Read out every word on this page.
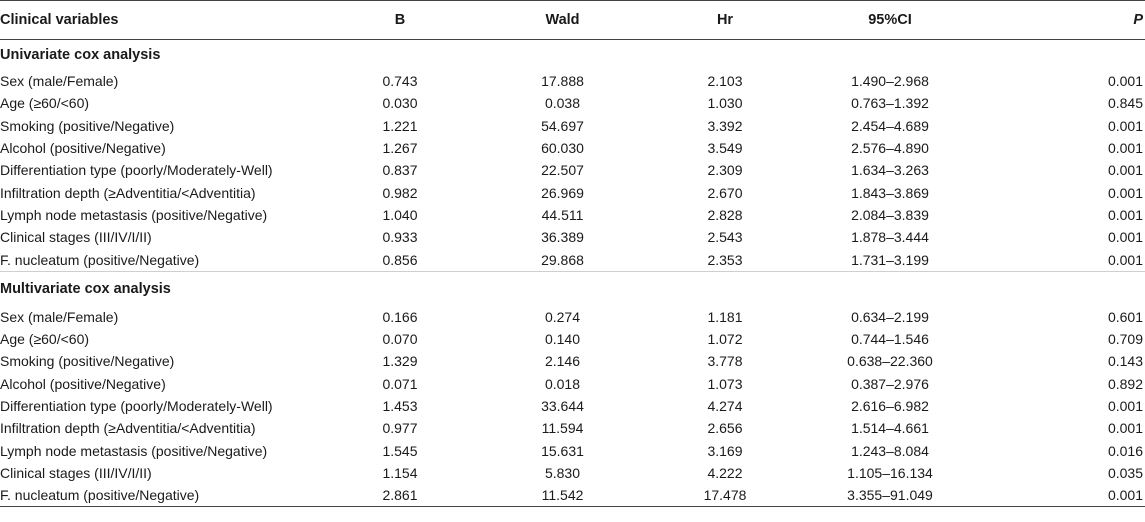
Clinical variables	B	Wald	Hr	95%CI	P
Univariate cox analysis					
Sex (male/Female)	0.743	17.888	2.103	1.490–2.968	0.001
Age (≥60/<60)	0.030	0.038	1.030	0.763–1.392	0.845
Smoking (positive/Negative)	1.221	54.697	3.392	2.454–4.689	0.001
Alcohol (positive/Negative)	1.267	60.030	3.549	2.576–4.890	0.001
Differentiation type (poorly/Moderately-Well)	0.837	22.507	2.309	1.634–3.263	0.001
Infiltration depth (≥Adventitia/<Adventitia)	0.982	26.969	2.670	1.843–3.869	0.001
Lymph node metastasis (positive/Negative)	1.040	44.511	2.828	2.084–3.839	0.001
Clinical stages (III/IV/I/II)	0.933	36.389	2.543	1.878–3.444	0.001
F. nucleatum (positive/Negative)	0.856	29.868	2.353	1.731–3.199	0.001
Multivariate cox analysis					
Sex (male/Female)	0.166	0.274	1.181	0.634–2.199	0.601
Age (≥60/<60)	0.070	0.140	1.072	0.744–1.546	0.709
Smoking (positive/Negative)	1.329	2.146	3.778	0.638–22.360	0.143
Alcohol (positive/Negative)	0.071	0.018	1.073	0.387–2.976	0.892
Differentiation type (poorly/Moderately-Well)	1.453	33.644	4.274	2.616–6.982	0.001
Infiltration depth (≥Adventitia/<Adventitia)	0.977	11.594	2.656	1.514–4.661	0.001
Lymph node metastasis (positive/Negative)	1.545	15.631	3.169	1.243–8.084	0.016
Clinical stages (III/IV/I/II)	1.154	5.830	4.222	1.105–16.134	0.035
F. nucleatum (positive/Negative)	2.861	11.542	17.478	3.355–91.049	0.001
